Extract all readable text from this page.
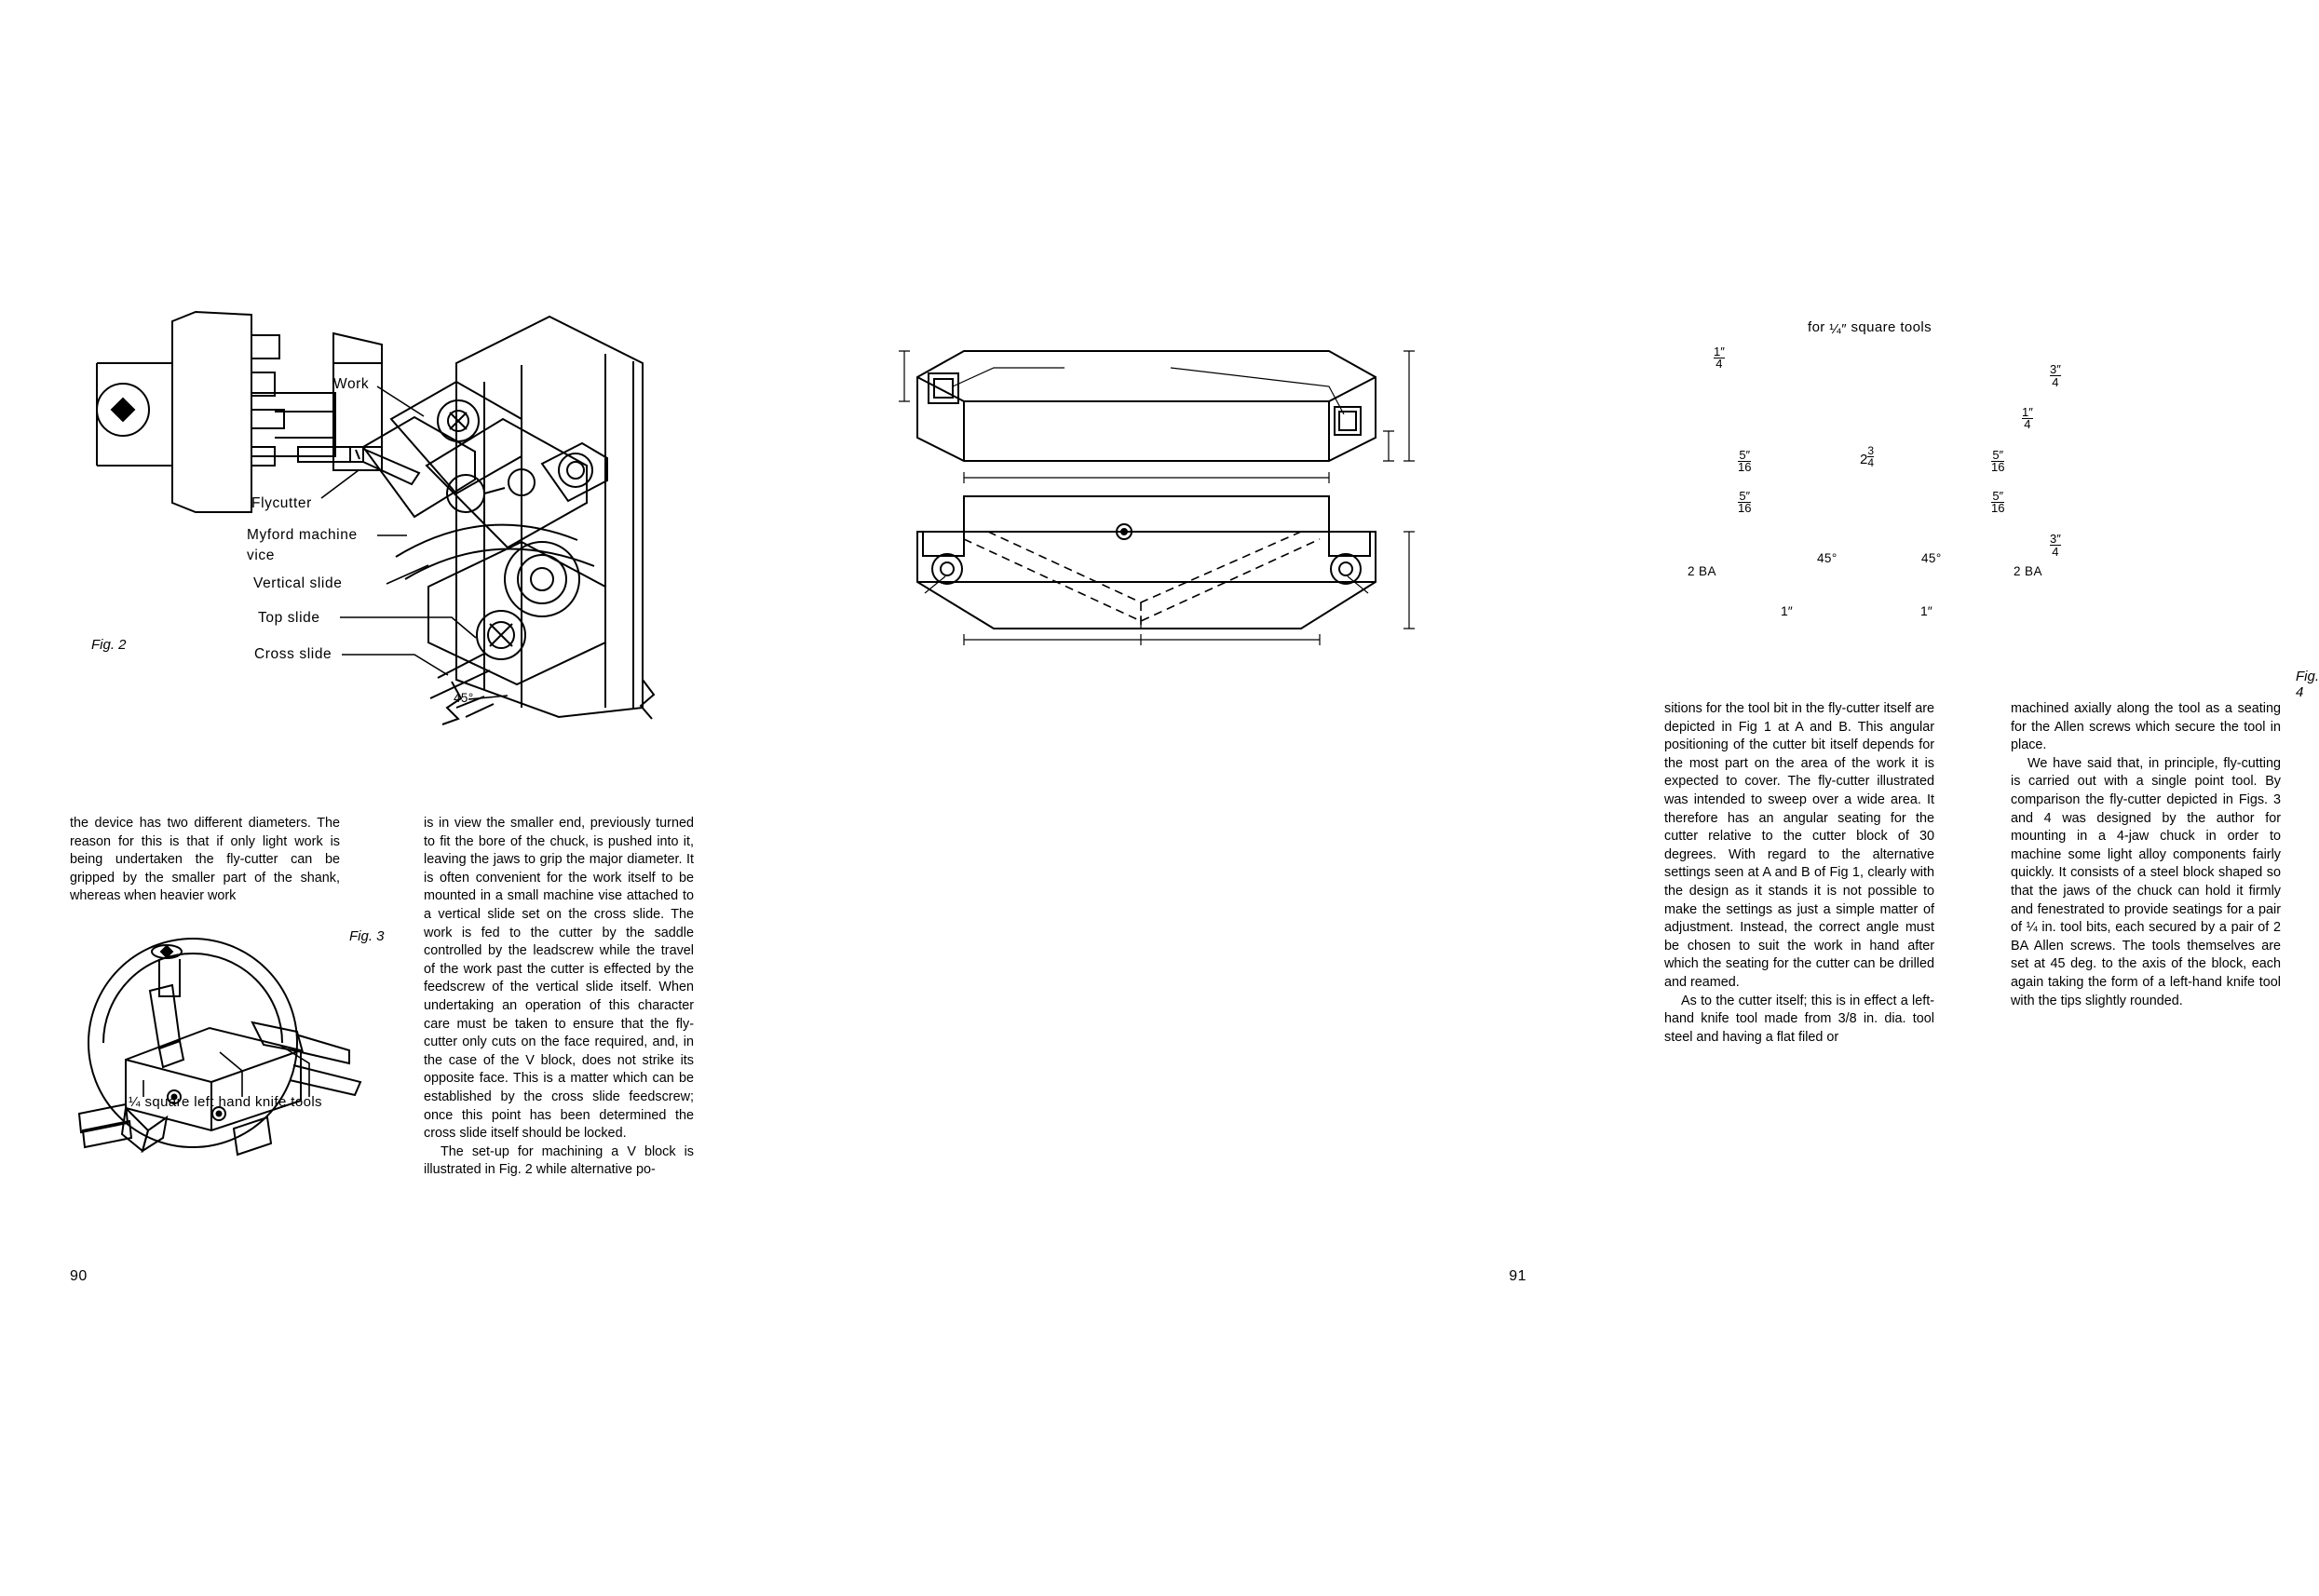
Fig. 2
Work
Flycutter
Myford machine
vice
Vertical slide
Top slide
Cross slide
45°

the device has two different diameters. The reason for this is that if only light work is being undertaken the fly-cutter can be gripped by the smaller part of the shank, whereas when heavier work

is in view the smaller end, previously turned to fit the bore of the chuck, is pushed into it, leaving the jaws to grip the major diameter. It is often convenient for the work itself to be mounted in a small machine vise attached to a vertical slide set on the cross slide. The work is fed to the cutter by the saddle controlled by the leadscrew while the travel of the work past the cutter is effected by the feedscrew of the vertical slide itself. When undertaking an operation of this character care must be taken to ensure that the fly-cutter only cuts on the face required, and, in the case of the V block, does not strike its opposite face. This is a matter which can be established by the cross slide feedscrew; once this point has been determined the cross slide itself should be locked.

The set-up for machining a V block is illustrated in Fig. 2 while alternative po-

Fig. 3
¼ square left hand knife tools
90
for ¼″ square tools
$\frac{1''}{4}$
$\frac{3''}{4}$
$\frac{1''}{4}$
$2 \frac{3}{4}$
$\frac{5''}{16}$	$\frac{5''}{16}$
$\frac{5''}{16}$	$\frac{5''}{16}$
$\frac{3''}{4}$
45°	45°
2 BA	2 BA
1″	1″
Fig. 4

sitions for the tool bit in the fly-cutter itself are depicted in Fig 1 at A and B. This angular positioning of the cutter bit itself depends for the most part on the area of the work it is expected to cover. The fly-cutter illustrated was intended to sweep over a wide area. It therefore has an angular seating for the cutter relative to the cutter block of 30 degrees. With regard to the alternative settings seen at A and B of Fig 1, clearly with the design as it stands it is not possible to make the settings as just a simple matter of adjustment. Instead, the correct angle must be chosen to suit the work in hand after which the seating for the cutter can be drilled and reamed.

As to the cutter itself; this is in effect a left-hand knife tool made from 3/8 in. dia. tool steel and having a flat filed or

machined axially along the tool as a seating for the Allen screws which secure the tool in place.

We have said that, in principle, fly-cutting is carried out with a single point tool. By comparison the fly-cutter depicted in Figs. 3 and 4 was designed by the author for mounting in a 4-jaw chuck in order to machine some light alloy components fairly quickly. It consists of a steel block shaped so that the jaws of the chuck can hold it firmly and fenestrated to provide seatings for a pair of ¼ in. tool bits, each secured by a pair of 2 BA Allen screws. The tools themselves are set at 45 deg. to the axis of the block, each again taking the form of a left-hand knife tool with the tips slightly rounded.

91
